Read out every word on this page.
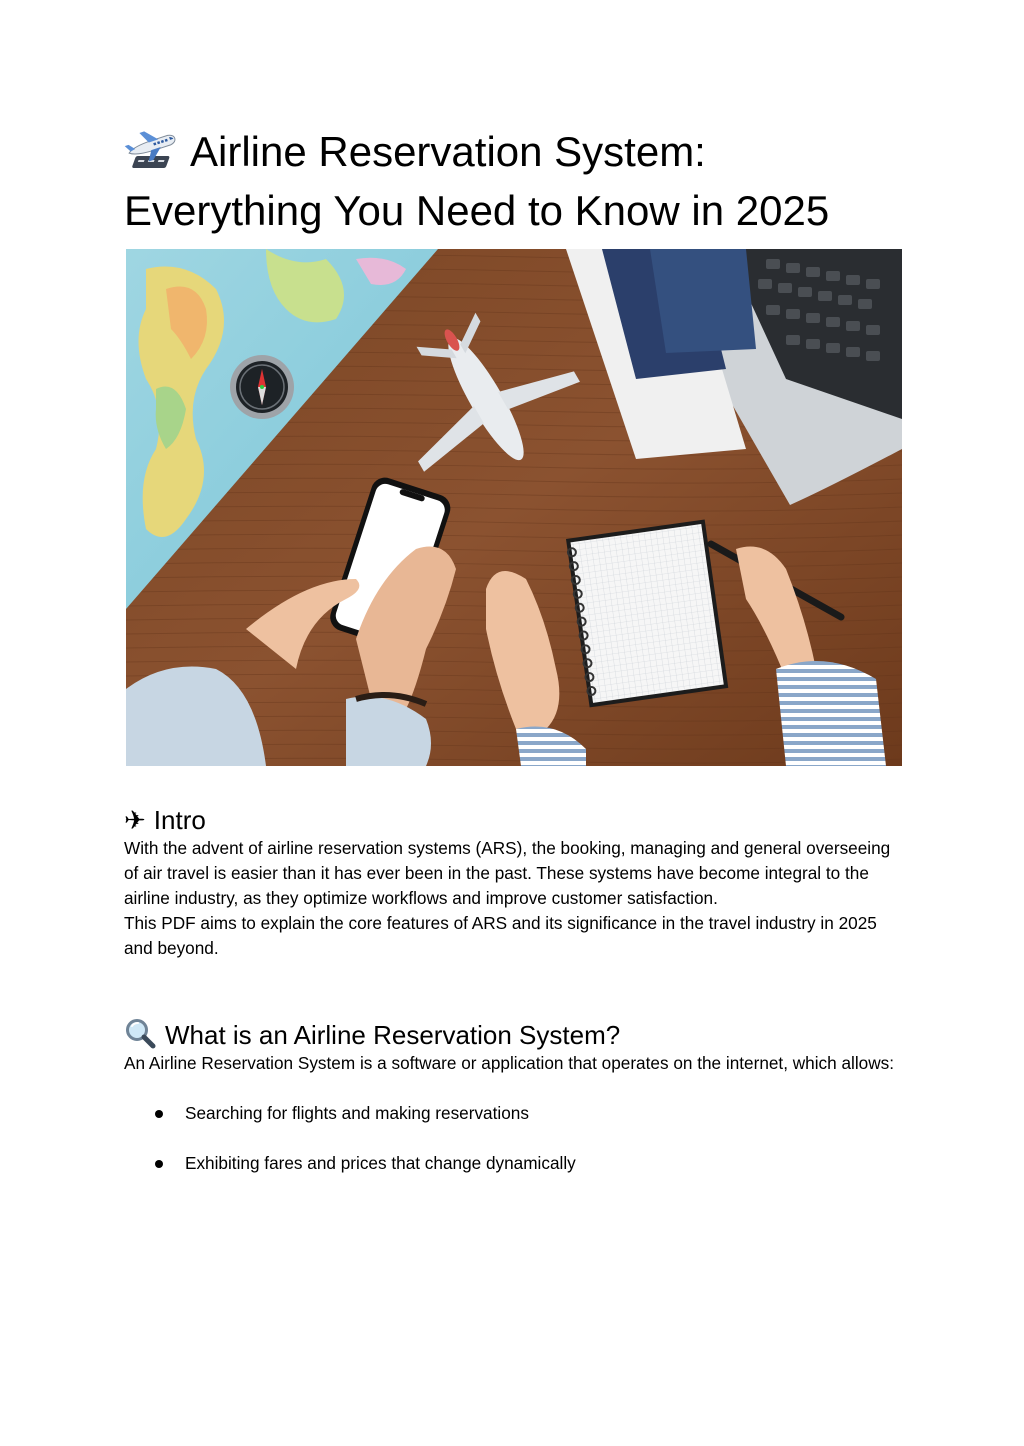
Airline Reservation System: Everything You Need to Know in 2025
✈ Intro

With the advent of airline reservation systems (ARS), the booking, managing and general overseeing of air travel is easier than it has ever been in the past. These systems have become integral to the airline industry, as they optimize workflows and improve customer satisfaction.

This PDF aims to explain the core features of ARS and its significance in the travel industry in 2025 and beyond.

What is an Airline Reservation System?

An Airline Reservation System is a software or application that operates on the internet, which allows:

Searching for flights and making reservations
Exhibiting fares and prices that change dynamically
